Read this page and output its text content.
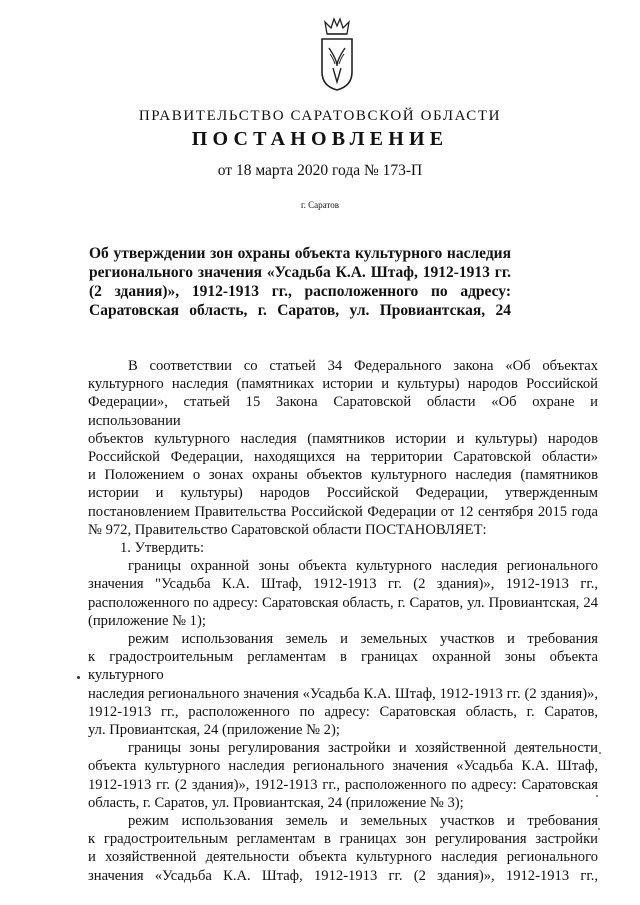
ПРАВИТЕЛЬСТВО САРАТОВСКОЙ ОБЛАСТИ
ПОСТАНОВЛЕНИЕ
от 18 марта 2020 года № 173-П
г. Саратов
Об утверждении зон охраны объекта культурного наследия
регионального значения «Усадьба К.А. Штаф, 1912-1913 гг.
(2 здания)», 1912-1913 гг., расположенного по адресу:
Саратовская область, г. Саратов, ул. Провиантская, 24
В соответствии со статьей 34 Федерального закона «Об объектах
культурного наследия (памятниках истории и культуры) народов Российской
Федерации», статьей 15 Закона Саратовской области «Об охране и использовании
объектов культурного наследия (памятников истории и культуры) народов
Российской Федерации, находящихся на территории Саратовской области»
и Положением о зонах охраны объектов культурного наследия (памятников
истории и культуры) народов Российской Федерации, утвержденным
постановлением Правительства Российской Федерации от 12 сентября 2015 года
№ 972, Правительство Саратовской области ПОСТАНОВЛЯЕТ:
1. Утвердить:
границы охранной зоны объекта культурного наследия регионального
значения "Усадьба К.А. Штаф, 1912-1913 гг. (2 здания)», 1912-1913 гг.,
расположенного по адресу: Саратовская область, г. Саратов, ул. Провиантская, 24
(приложение № 1);
режим использования земель и земельных участков и требования
к градостроительным регламентам в границах охранной зоны объекта культурного
наследия регионального значения «Усадьба К.А. Штаф, 1912-1913 гг. (2 здания)»,
1912-1913 гг., расположенного по адресу: Саратовская область, г. Саратов,
ул. Провиантская, 24 (приложение № 2);
границы зоны регулирования застройки и хозяйственной деятельности
объекта культурного наследия регионального значения «Усадьба К.А. Штаф,
1912-1913 гг. (2 здания)», 1912-1913 гг., расположенного по адресу: Саратовская
область, г. Саратов, ул. Провиантская, 24 (приложение № 3);
режим использования земель и земельных участков и требования
к градостроительным регламентам в границах зон регулирования застройки
и хозяйственной деятельности объекта культурного наследия регионального
значения «Усадьба К.А. Штаф, 1912-1913 гг. (2 здания)», 1912-1913 гг.,
